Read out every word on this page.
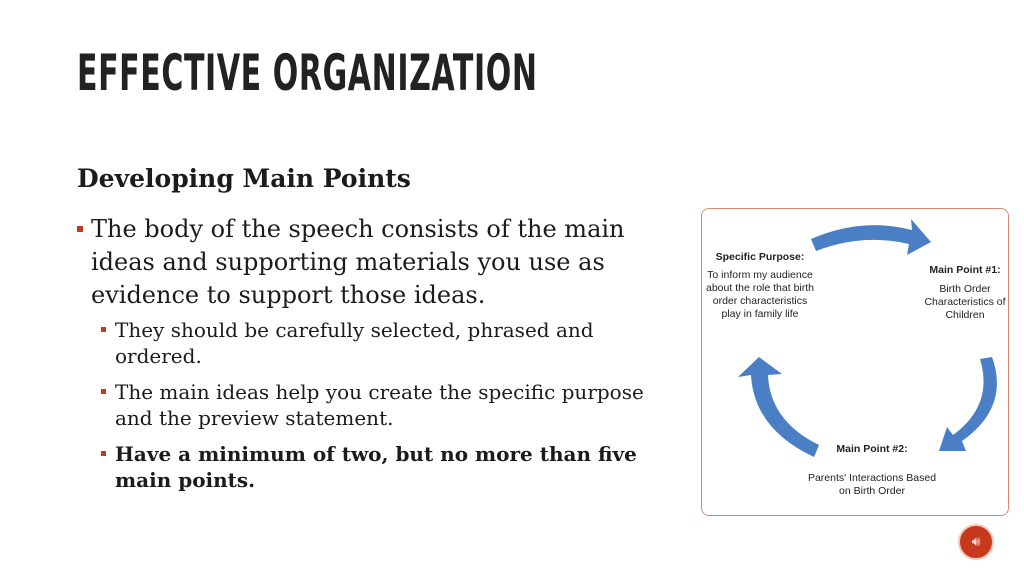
EFFECTIVE ORGANIZATION
Developing Main Points
The body of the speech consists of the main ideas and supporting materials you use as evidence to support those ideas.
They should be carefully selected, phrased and ordered.
The main ideas help you create the specific purpose and the preview statement.
Have a minimum of two, but no more than five main points.
Specific Purpose:
To inform my audience about the role that birth order characteristics play in family life
Main Point #1:
Birth Order Characteristics of Children
Main Point #2:
Parents' Interactions Based on Birth Order
🔊︎
